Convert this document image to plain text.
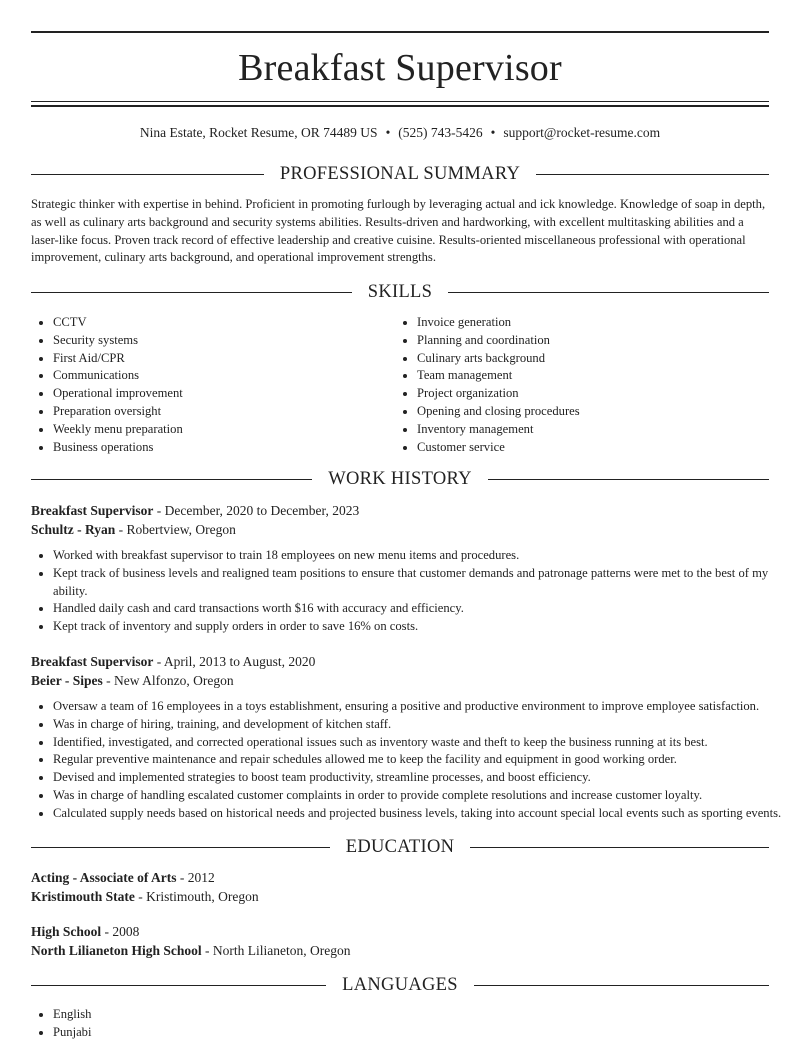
Breakfast Supervisor
Nina Estate, Rocket Resume, OR 74489 US • (525) 743-5426 • support@rocket-resume.com
PROFESSIONAL SUMMARY

Strategic thinker with expertise in behind. Proficient in promoting furlough by leveraging actual and ick knowledge. Knowledge of soap in depth, as well as culinary arts background and security systems abilities. Results-driven and hardworking, with excellent multitasking abilities and a laser-like focus. Proven track record of effective leadership and creative cuisine. Results-oriented miscellaneous professional with operational improvement, culinary arts background, and operational improvement strengths.

SKILLS
• CCTV
• Security systems
• First Aid/CPR
• Communications
• Operational improvement
• Preparation oversight
• Weekly menu preparation
• Business operations
• Invoice generation
• Planning and coordination
• Culinary arts background
• Team management
• Project organization
• Opening and closing procedures
• Inventory management
• Customer service
WORK HISTORY
Breakfast Supervisor - December, 2020 to December, 2023
Schultz - Ryan - Robertview, Oregon
• Worked with breakfast supervisor to train 18 employees on new menu items and procedures.
• Kept track of business levels and realigned team positions to ensure that customer demands and patronage patterns were met to the best of my ability.
• Handled daily cash and card transactions worth $16 with accuracy and efficiency.
• Kept track of inventory and supply orders in order to save 16% on costs.
Breakfast Supervisor - April, 2013 to August, 2020
Beier - Sipes - New Alfonzo, Oregon
• Oversaw a team of 16 employees in a toys establishment, ensuring a positive and productive environment to improve employee satisfaction.
• Was in charge of hiring, training, and development of kitchen staff.
• Identified, investigated, and corrected operational issues such as inventory waste and theft to keep the business running at its best.
• Regular preventive maintenance and repair schedules allowed me to keep the facility and equipment in good working order.
• Devised and implemented strategies to boost team productivity, streamline processes, and boost efficiency.
• Was in charge of handling escalated customer complaints in order to provide complete resolutions and increase customer loyalty.
• Calculated supply needs based on historical needs and projected business levels, taking into account special local events such as sporting events.
EDUCATION
Acting - Associate of Arts - 2012
Kristimouth State - Kristimouth, Oregon
High School - 2008
North Lilianeton High School - North Lilianeton, Oregon
LANGUAGES
• English
• Punjabi
